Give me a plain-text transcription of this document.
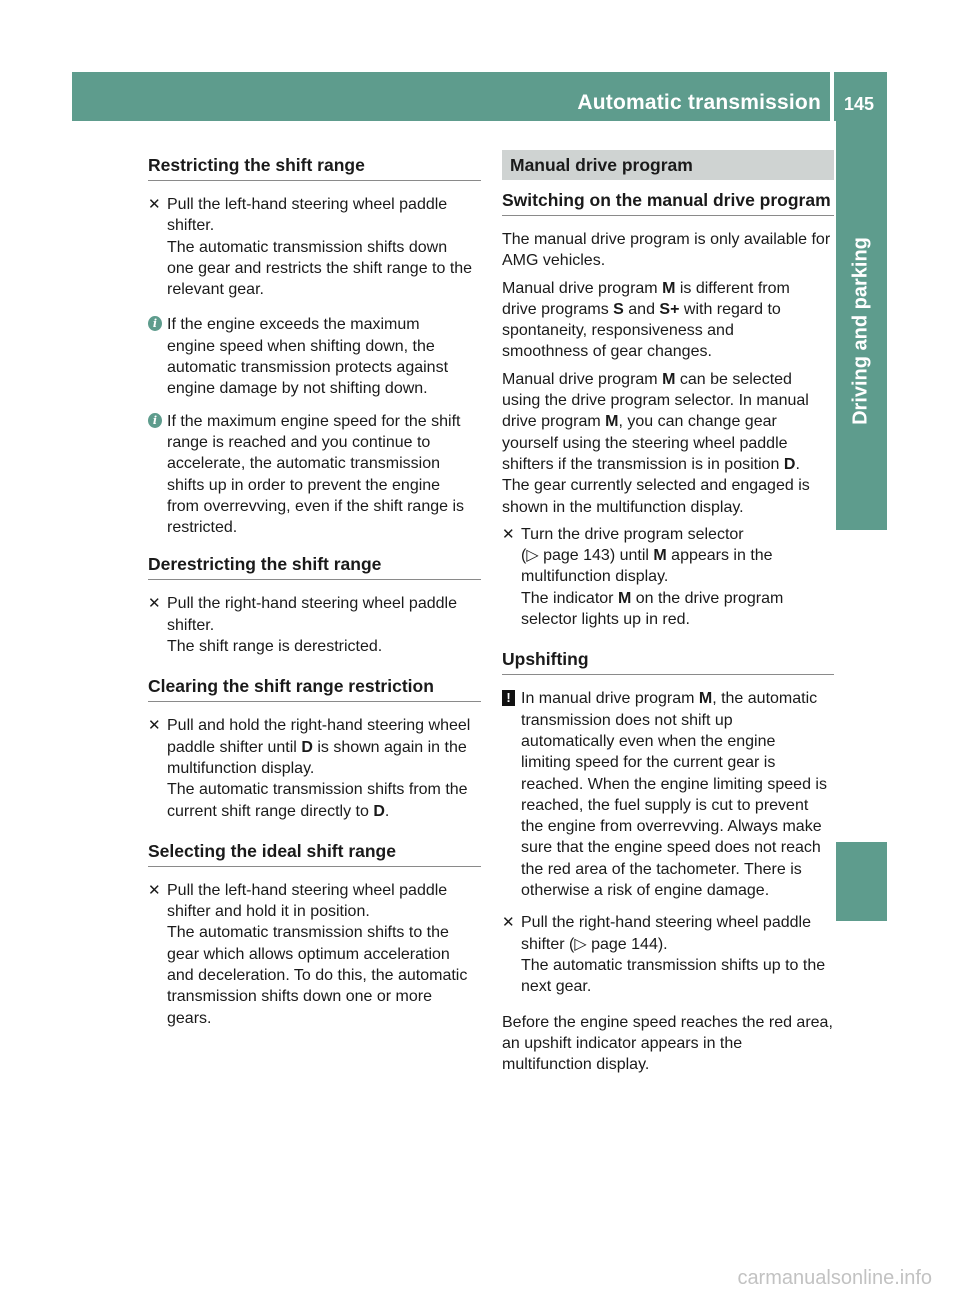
Automatic transmission 145
Driving and parking
Restricting the shift range
✕ Pull the left-hand steering wheel paddle
shifter.
The automatic transmission shifts down
one gear and restricts the shift range to the
relevant gear.
i If the engine exceeds the maximum
engine speed when shifting down, the
automatic transmission protects against
engine damage by not shifting down.
i If the maximum engine speed for the shift
range is reached and you continue to
accelerate, the automatic transmission
shifts up in order to prevent the engine
from overrevving, even if the shift range is
restricted.
Derestricting the shift range
✕ Pull the right-hand steering wheel paddle
shifter.
The shift range is derestricted.
Clearing the shift range restriction
✕ Pull and hold the right-hand steering wheel
paddle shifter until D is shown again in the
multifunction display.
The automatic transmission shifts from the
current shift range directly to D.
Selecting the ideal shift range
✕ Pull the left-hand steering wheel paddle
shifter and hold it in position.
The automatic transmission shifts to the
gear which allows optimum acceleration
and deceleration. To do this, the automatic
transmission shifts down one or more
gears.
Manual drive program
Switching on the manual drive program

The manual drive program is only available for
AMG vehicles.

Manual drive program M is different from
drive programs S and S+ with regard to
spontaneity, responsiveness and
smoothness of gear changes.

Manual drive program M can be selected
using the drive program selector. In manual
drive program M, you can change gear
yourself using the steering wheel paddle
shifters if the transmission is in position D.
The gear currently selected and engaged is
shown in the multifunction display.

✕ Turn the drive program selector
(▷ page 143) until M appears in the
multifunction display.
The indicator M on the drive program
selector lights up in red.
Upshifting
! In manual drive program M, the automatic
transmission does not shift up
automatically even when the engine
limiting speed for the current gear is
reached. When the engine limiting speed is
reached, the fuel supply is cut to prevent
the engine from overrevving. Always make
sure that the engine speed does not reach
the red area of the tachometer. There is
otherwise a risk of engine damage.
✕ Pull the right-hand steering wheel paddle
shifter (▷ page 144).
The automatic transmission shifts up to the
next gear.

Before the engine speed reaches the red area,
an upshift indicator appears in the
multifunction display.

carmanualsonline.info
